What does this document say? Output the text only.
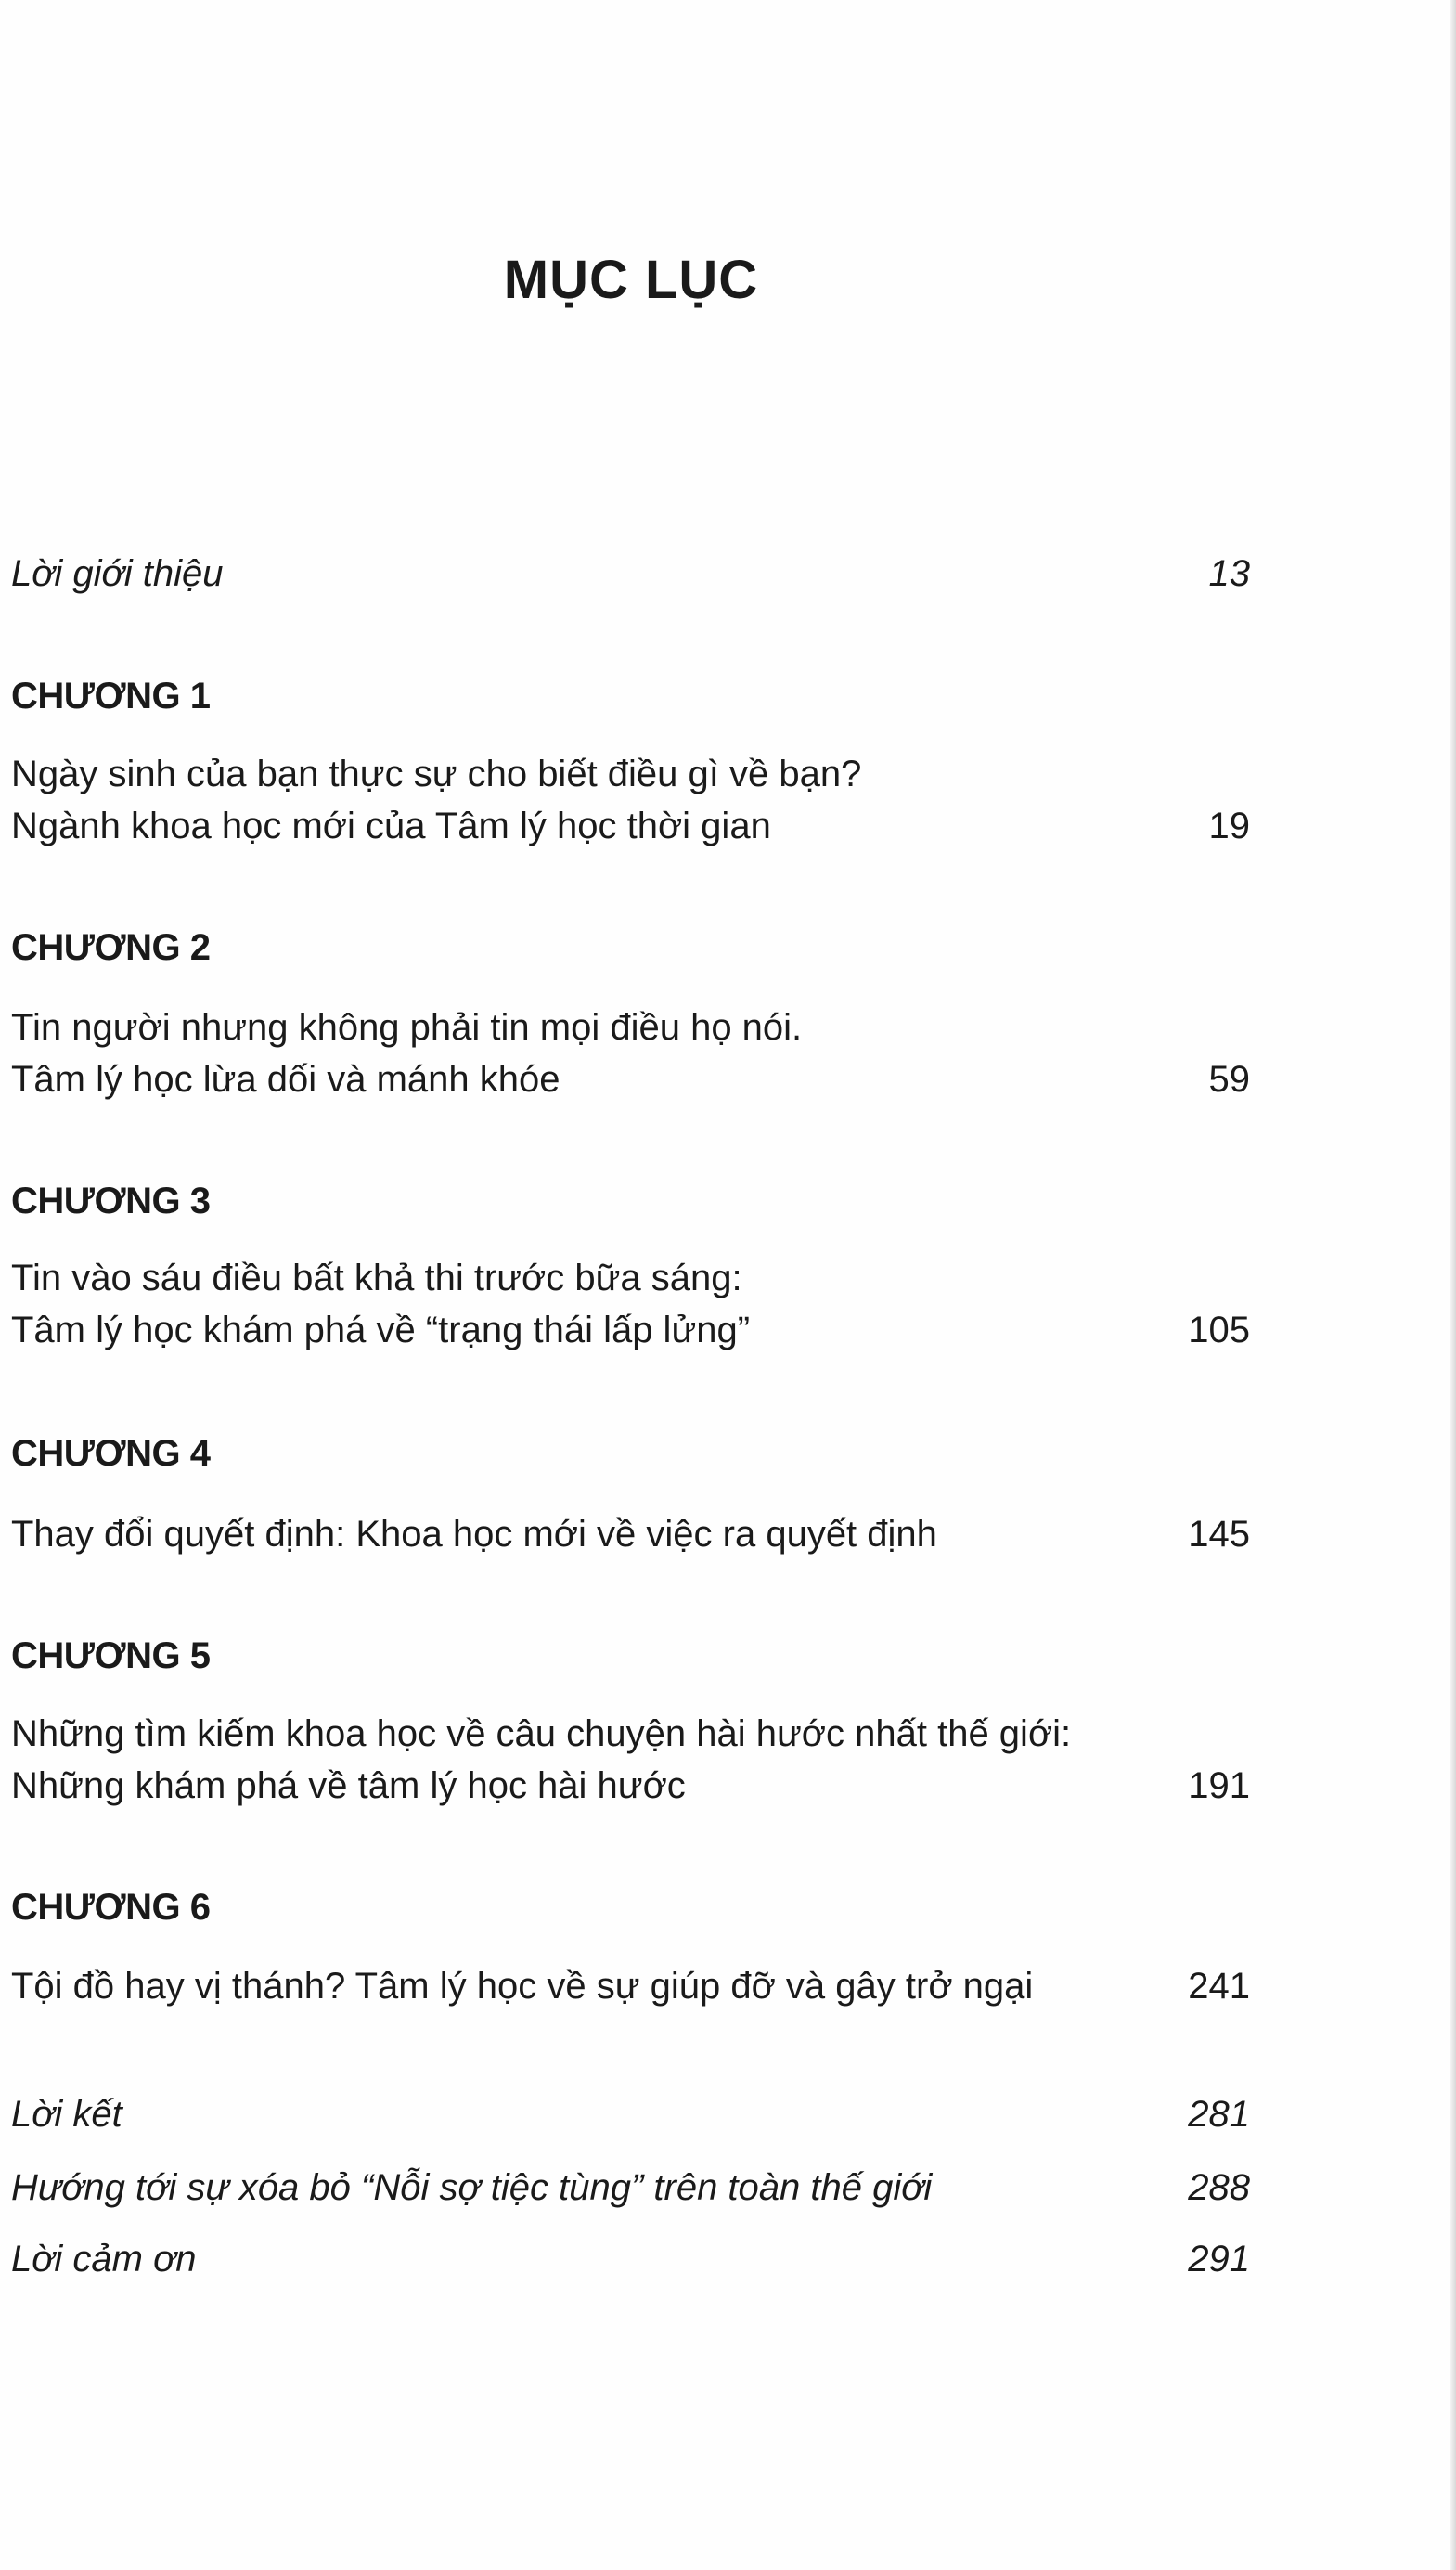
MỤC LỤC
Lời giới thiệu	13
CHƯƠNG 1
Ngày sinh của bạn thực sự cho biết điều gì về bạn?
Ngành khoa học mới của Tâm lý học thời gian	19
CHƯƠNG 2
Tin người nhưng không phải tin mọi điều họ nói.
Tâm lý học lừa dối và mánh khóe	59
CHƯƠNG 3
Tin vào sáu điều bất khả thi trước bữa sáng:
Tâm lý học khám phá về “trạng thái lấp lửng”	105
CHƯƠNG 4
Thay đổi quyết định: Khoa học mới về việc ra quyết định	145
CHƯƠNG 5
Những tìm kiếm khoa học về câu chuyện hài hước nhất thế giới:
Những khám phá về tâm lý học hài hước	191
CHƯƠNG 6
Tội đồ hay vị thánh? Tâm lý học về sự giúp đỡ và gây trở ngại	241
Lời kết	281
Hướng tới sự xóa bỏ “Nỗi sợ tiệc tùng” trên toàn thế giới	288
Lời cảm ơn	291
